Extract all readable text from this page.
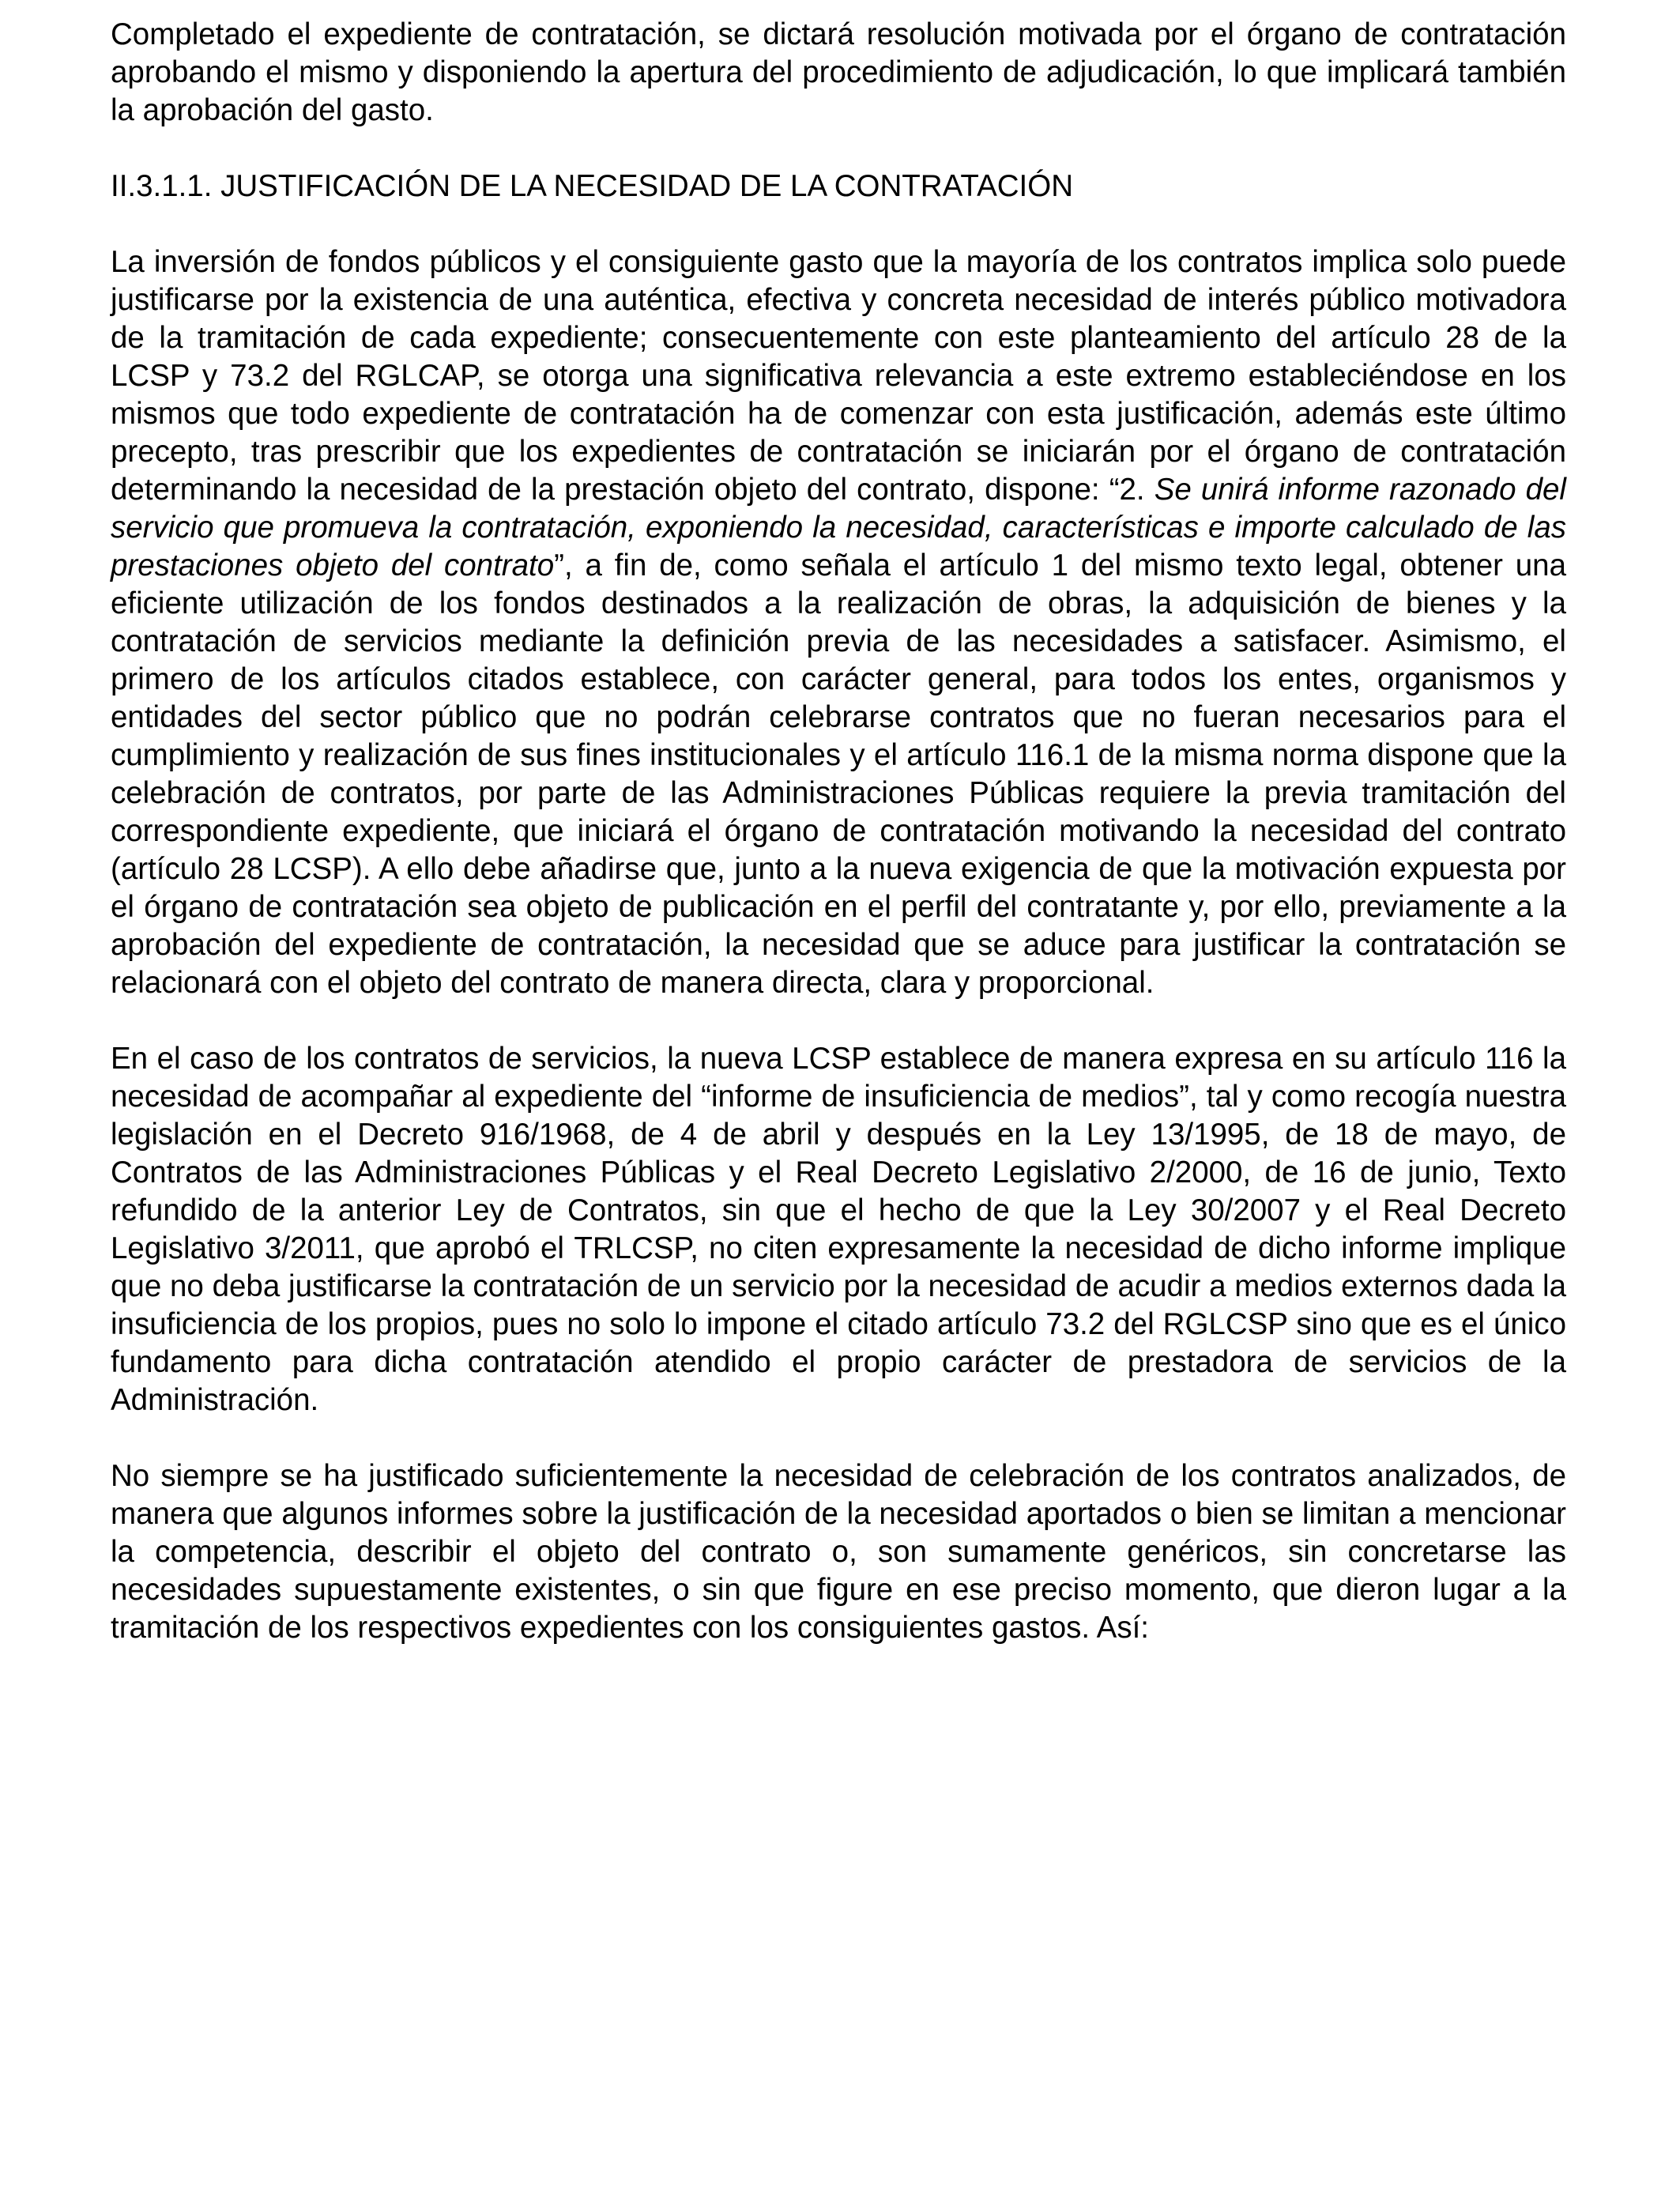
Completado el expediente de contratación, se dictará resolución motivada por el órgano de contratación aprobando el mismo y disponiendo la apertura del procedimiento de adjudicación, lo que implicará también la aprobación del gasto.

II.3.1.1. JUSTIFICACIÓN DE LA NECESIDAD DE LA CONTRATACIÓN

La inversión de fondos públicos y el consiguiente gasto que la mayoría de los contratos implica solo puede justificarse por la existencia de una auténtica, efectiva y concreta necesidad de interés público motivadora de la tramitación de cada expediente; consecuentemente con este planteamiento del artículo 28 de la LCSP y 73.2 del RGLCAP, se otorga una significativa relevancia a este extremo estableciéndose en los mismos que todo expediente de contratación ha de comenzar con esta justificación, además este último precepto, tras prescribir que los expedientes de contratación se iniciarán por el órgano de contratación determinando la necesidad de la prestación objeto del contrato, dispone: “2. Se unirá informe razonado del servicio que promueva la contratación, exponiendo la necesidad, características e importe calculado de las prestaciones objeto del contrato”, a fin de, como señala el artículo 1 del mismo texto legal, obtener una eficiente utilización de los fondos destinados a la realización de obras, la adquisición de bienes y la contratación de servicios mediante la definición previa de las necesidades a satisfacer. Asimismo, el primero de los artículos citados establece, con carácter general, para todos los entes, organismos y entidades del sector público que no podrán celebrarse contratos que no fueran necesarios para el cumplimiento y realización de sus fines institucionales y el artículo 116.1 de la misma norma dispone que la celebración de contratos, por parte de las Administraciones Públicas requiere la previa tramitación del correspondiente expediente, que iniciará el órgano de contratación motivando la necesidad del contrato (artículo 28 LCSP). A ello debe añadirse que, junto a la nueva exigencia de que la motivación expuesta por el órgano de contratación sea objeto de publicación en el perfil del contratante y, por ello, previamente a la aprobación del expediente de contratación, la necesidad que se aduce para justificar la contratación se relacionará con el objeto del contrato de manera directa, clara y proporcional.

En el caso de los contratos de servicios, la nueva LCSP establece de manera expresa en su artículo 116 la necesidad de acompañar al expediente del “informe de insuficiencia de medios”, tal y como recogía nuestra legislación en el Decreto 916/1968, de 4 de abril y después en la Ley 13/1995, de 18 de mayo, de Contratos de las Administraciones Públicas y el Real Decreto Legislativo 2/2000, de 16 de junio, Texto refundido de la anterior Ley de Contratos, sin que el hecho de que la Ley 30/2007 y el Real Decreto Legislativo 3/2011, que aprobó el TRLCSP, no citen expresamente la necesidad de dicho informe implique que no deba justificarse la contratación de un servicio por la necesidad de acudir a medios externos dada la insuficiencia de los propios, pues no solo lo impone el citado artículo 73.2 del RGLCSP sino que es el único fundamento para dicha contratación atendido el propio carácter de prestadora de servicios de la Administración.

No siempre se ha justificado suficientemente la necesidad de celebración de los contratos analizados, de manera que algunos informes sobre la justificación de la necesidad aportados o bien se limitan a mencionar la competencia, describir el objeto del contrato o, son sumamente genéricos, sin concretarse las necesidades supuestamente existentes, o sin que figure en ese preciso momento, que dieron lugar a la tramitación de los respectivos expedientes con los consiguientes gastos. Así:
